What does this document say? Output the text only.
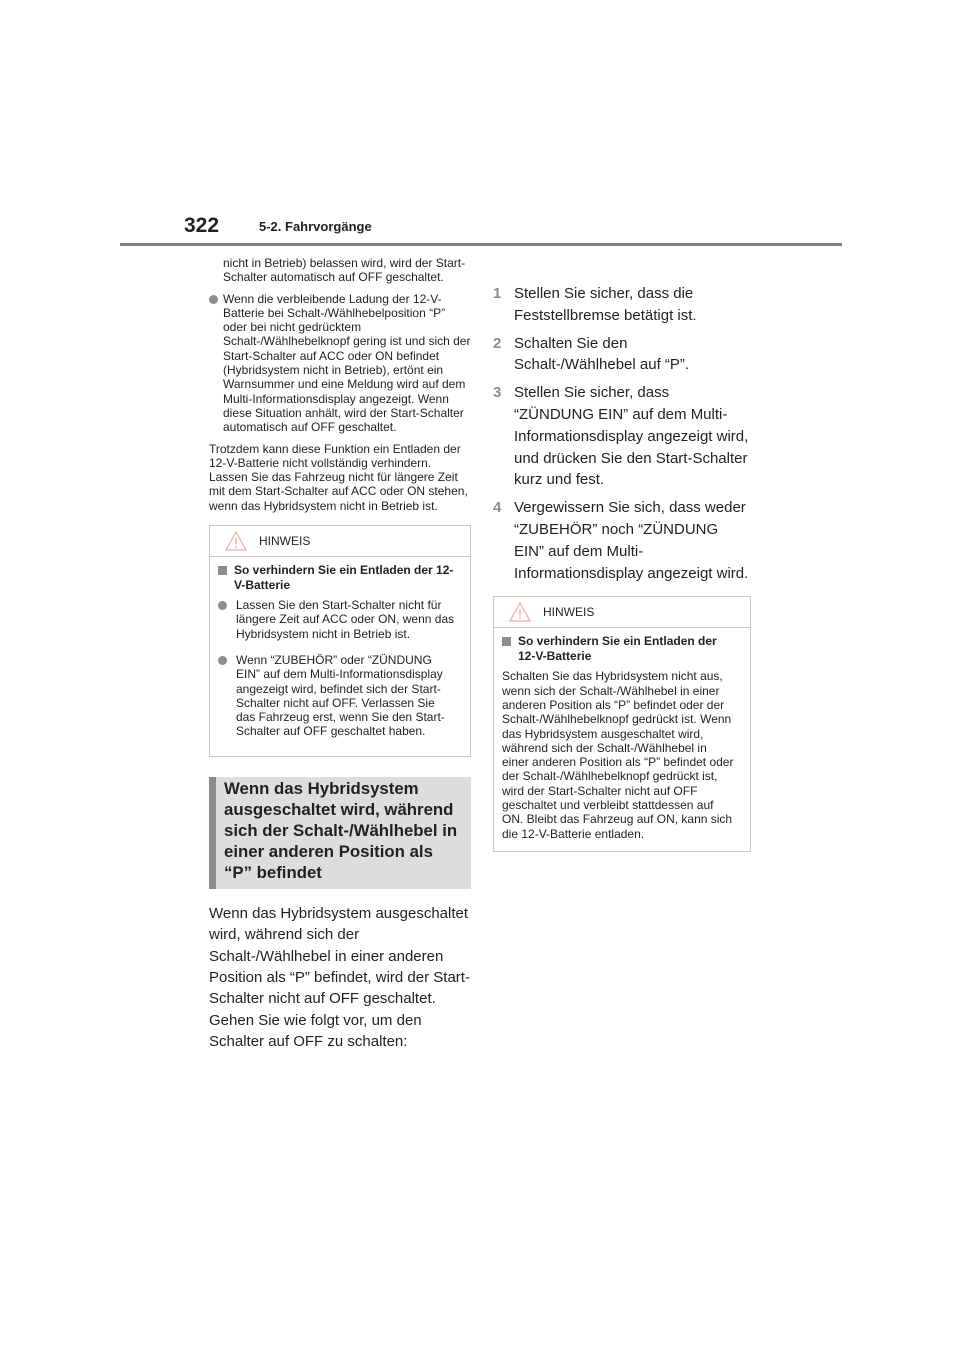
322	5-2. Fahrvorgänge

nicht in Betrieb) belassen wird, wird der Start-Schalter automatisch auf OFF geschaltet.

Wenn die verbleibende Ladung der 12-V-Batterie bei Schalt-/Wählhebelposition “P” oder bei nicht gedrücktem Schalt-/Wählhebelknopf gering ist und sich der Start-Schalter auf ACC oder ON befindet (Hybridsystem nicht in Betrieb), ertönt ein Warnsummer und eine Meldung wird auf dem Multi-Informationsdisplay angezeigt. Wenn diese Situation anhält, wird der Start-Schalter automatisch auf OFF geschaltet.

Trotzdem kann diese Funktion ein Entladen der 12-V-Batterie nicht vollständig verhindern. Lassen Sie das Fahrzeug nicht für längere Zeit mit dem Start-Schalter auf ACC oder ON stehen, wenn das Hybridsystem nicht in Betrieb ist.

HINWEIS
So verhindern Sie ein Entladen der 12-V-Batterie
Lassen Sie den Start-Schalter nicht für längere Zeit auf ACC oder ON, wenn das Hybridsystem nicht in Betrieb ist.
Wenn “ZUBEHÖR” oder “ZÜNDUNG EIN” auf dem Multi-Informationsdisplay angezeigt wird, befindet sich der Start-Schalter nicht auf OFF. Verlassen Sie das Fahrzeug erst, wenn Sie den Start-Schalter auf OFF geschaltet haben.
Wenn das Hybridsystem ausgeschaltet wird, während sich der Schalt-/Wählhebel in einer anderen Position als “P” befindet

Wenn das Hybridsystem ausgeschaltet wird, während sich der Schalt-/Wählhebel in einer anderen Position als “P” befindet, wird der Start-Schalter nicht auf OFF geschaltet. Gehen Sie wie folgt vor, um den Schalter auf OFF zu schalten:

1 Stellen Sie sicher, dass die Feststellbremse betätigt ist.
2 Schalten Sie den Schalt-/Wählhebel auf “P”.
3 Stellen Sie sicher, dass “ZÜNDUNG EIN” auf dem Multi-Informationsdisplay angezeigt wird, und drücken Sie den Start-Schalter kurz und fest.
4 Vergewissern Sie sich, dass weder “ZUBEHÖR” noch “ZÜNDUNG EIN” auf dem Multi-Informationsdisplay angezeigt wird.
HINWEIS
So verhindern Sie ein Entladen der 12-V-Batterie

Schalten Sie das Hybridsystem nicht aus, wenn sich der Schalt-/Wählhebel in einer anderen Position als “P” befindet oder der Schalt-/Wählhebelknopf gedrückt ist. Wenn das Hybridsystem ausgeschaltet wird, während sich der Schalt-/Wählhebel in einer anderen Position als “P” befindet oder der Schalt-/Wählhebelknopf gedrückt ist, wird der Start-Schalter nicht auf OFF geschaltet und verbleibt stattdessen auf ON. Bleibt das Fahrzeug auf ON, kann sich die 12-V-Batterie entladen.
